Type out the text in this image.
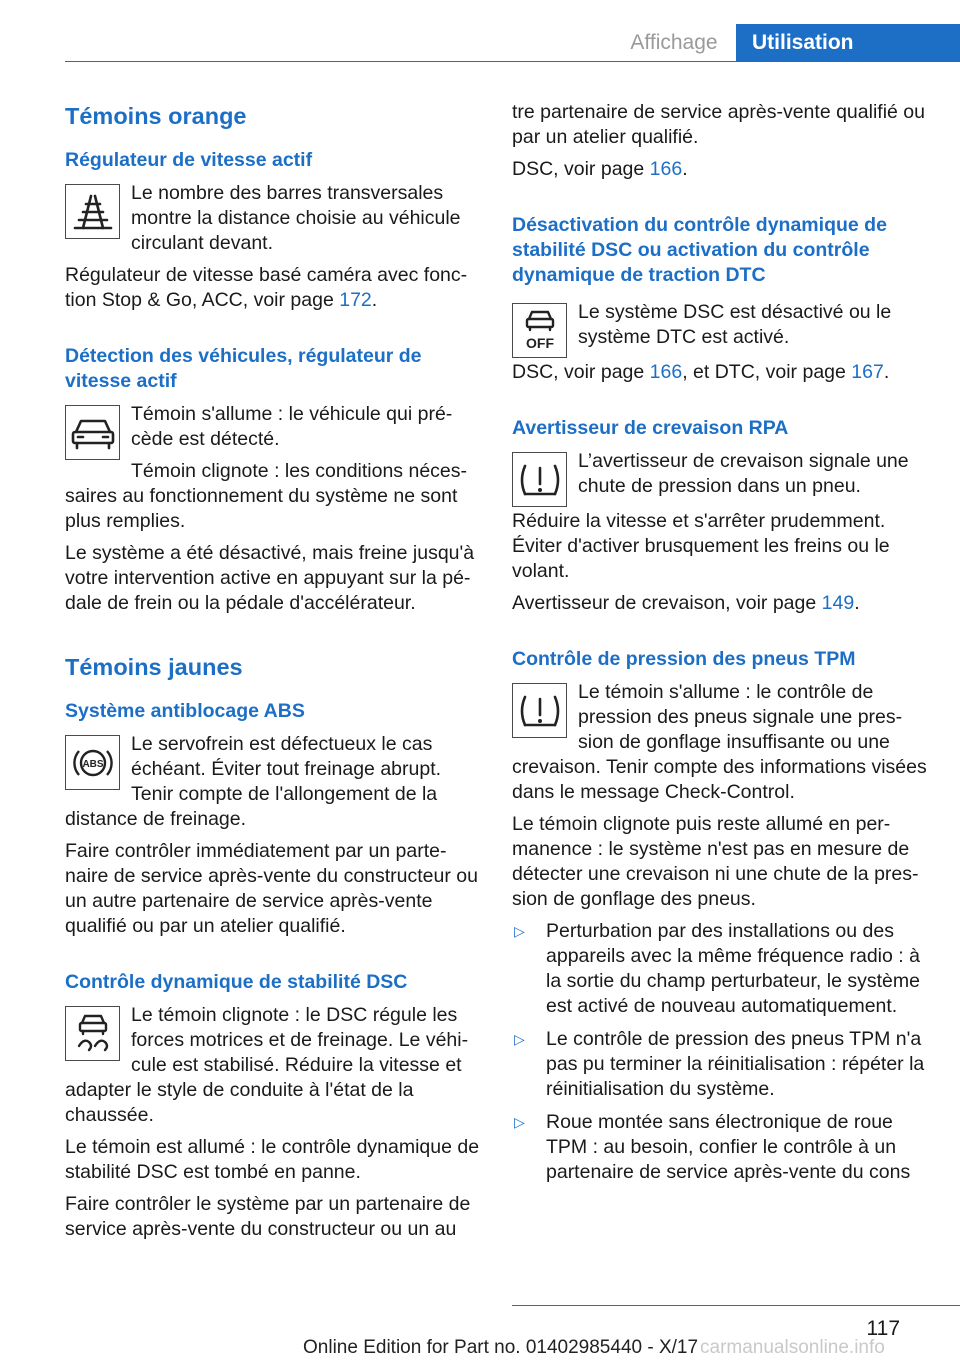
Affichage	Utilisation
Témoins orange
Régulateur de vitesse actif

Le nombre des barres transversales montre la distance choisie au véhicule circulant devant.

Régulateur de vitesse basé caméra avec fonction Stop & Go, ACC, voir page 172.

Détection des véhicules, régulateur de vitesse actif

Témoin s'allume : le véhicule qui précède est détecté.

Témoin clignote : les conditions nécessaires au fonctionnement du système ne sont plus remplies.

Le système a été désactivé, mais freine jusqu'à votre intervention active en appuyant sur la pédale de frein ou la pédale d'accélérateur.

Témoins jaunes
Système antiblocage ABS
ABS

Le servofrein est défectueux le cas échéant. Éviter tout freinage abrupt. Tenir compte de l'allongement de la distance de freinage.

Faire contrôler immédiatement par un partenaire de service après-vente du constructeur ou un autre partenaire de service après-vente qualifié ou par un atelier qualifié.

Contrôle dynamique de stabilité DSC

Le témoin clignote : le DSC régule les forces motrices et de freinage. Le véhicule est stabilisé. Réduire la vitesse et adapter le style de conduite à l'état de la chaussée.

Le témoin est allumé : le contrôle dynamique de stabilité DSC est tombé en panne.

Faire contrôler le système par un partenaire de service après-vente du constructeur ou un au

tre partenaire de service après-vente qualifié ou par un atelier qualifié.

DSC, voir page 166.

Désactivation du contrôle dynamique de stabilité DSC ou activation du contrôle dynamique de traction DTC
OFF

Le système DSC est désactivé ou le système DTC est activé.

DSC, voir page 166, et DTC, voir page 167.

Avertisseur de crevaison RPA

L’avertisseur de crevaison signale une chute de pression dans un pneu.

Réduire la vitesse et s'arrêter prudemment. Éviter d'activer brusquement les freins ou le volant.

Avertisseur de crevaison, voir page 149.

Contrôle de pression des pneus TPM

Le témoin s'allume : le contrôle de pression des pneus signale une pression de gonflage insuffisante ou une crevaison. Tenir compte des informations visées dans le message Check-Control.

Le témoin clignote puis reste allumé en permanence : le système n'est pas en mesure de détecter une crevaison ni une chute de la pression de gonflage des pneus.

▷ Perturbation par des installations ou des appareils avec la même fréquence radio : à la sortie du champ perturbateur, le système est activé de nouveau automatiquement.
▷ Le contrôle de pression des pneus TPM n'a pas pu terminer la réinitialisation : répéter la réinitialisation du système.
▷ Roue montée sans électronique de roue TPM : au besoin, confier le contrôle à un partenaire de service après-vente du cons
117
Online Edition for Part no. 01402985440 - X/17 carmanualsonline.info
